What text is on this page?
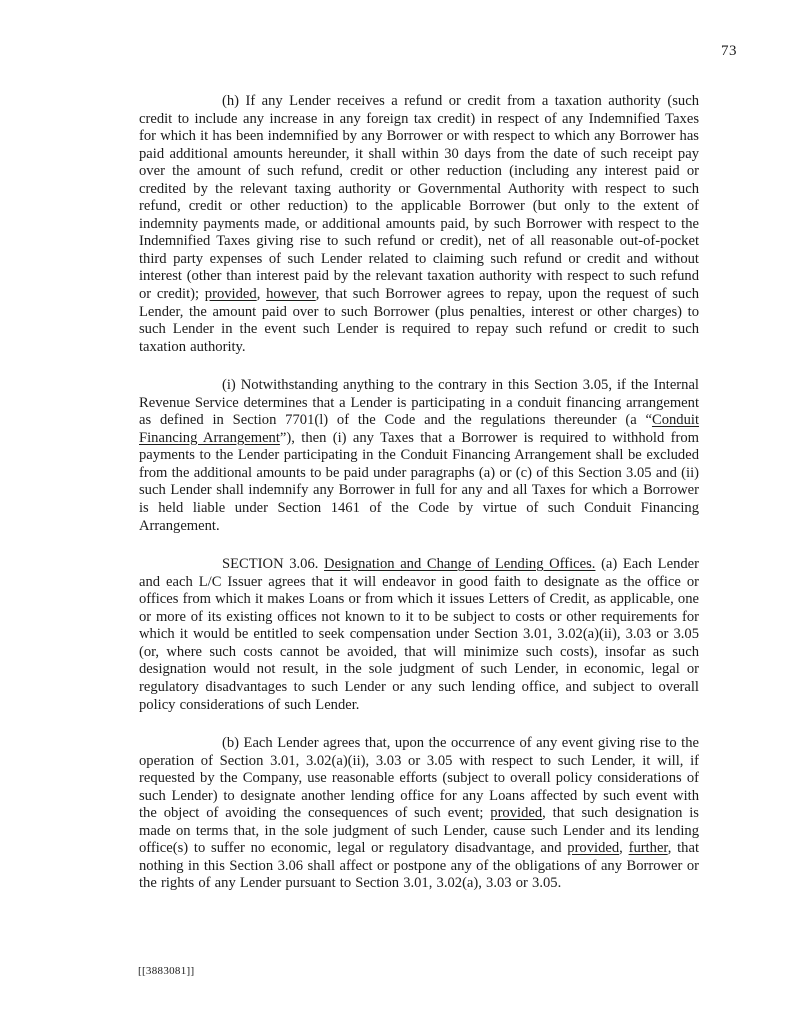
73

(h) If any Lender receives a refund or credit from a taxation authority (such credit to include any increase in any foreign tax credit) in respect of any Indemnified Taxes for which it has been indemnified by any Borrower or with respect to which any Borrower has paid additional amounts hereunder, it shall within 30 days from the date of such receipt pay over the amount of such refund, credit or other reduction (including any interest paid or credited by the relevant taxing authority or Governmental Authority with respect to such refund, credit or other reduction) to the applicable Borrower (but only to the extent of indemnity payments made, or additional amounts paid, by such Borrower with respect to the Indemnified Taxes giving rise to such refund or credit), net of all reasonable out-of-pocket third party expenses of such Lender related to claiming such refund or credit and without interest (other than interest paid by the relevant taxation authority with respect to such refund or credit); provided, however, that such Borrower agrees to repay, upon the request of such Lender, the amount paid over to such Borrower (plus penalties, interest or other charges) to such Lender in the event such Lender is required to repay such refund or credit to such taxation authority.

(i) Notwithstanding anything to the contrary in this Section 3.05, if the Internal Revenue Service determines that a Lender is participating in a conduit financing arrangement as defined in Section 7701(l) of the Code and the regulations thereunder (a “Conduit Financing Arrangement”), then (i) any Taxes that a Borrower is required to withhold from payments to the Lender participating in the Conduit Financing Arrangement shall be excluded from the additional amounts to be paid under paragraphs (a) or (c) of this Section 3.05 and (ii) such Lender shall indemnify any Borrower in full for any and all Taxes for which a Borrower is held liable under Section 1461 of the Code by virtue of such Conduit Financing Arrangement.

SECTION 3.06. Designation and Change of Lending Offices. (a) Each Lender and each L/C Issuer agrees that it will endeavor in good faith to designate as the office or offices from which it makes Loans or from which it issues Letters of Credit, as applicable, one or more of its existing offices not known to it to be subject to costs or other requirements for which it would be entitled to seek compensation under Section 3.01, 3.02(a)(ii), 3.03 or 3.05 (or, where such costs cannot be avoided, that will minimize such costs), insofar as such designation would not result, in the sole judgment of such Lender, in economic, legal or regulatory disadvantages to such Lender or any such lending office, and subject to overall policy considerations of such Lender.

(b) Each Lender agrees that, upon the occurrence of any event giving rise to the operation of Section 3.01, 3.02(a)(ii), 3.03 or 3.05 with respect to such Lender, it will, if requested by the Company, use reasonable efforts (subject to overall policy considerations of such Lender) to designate another lending office for any Loans affected by such event with the object of avoiding the consequences of such event; provided, that such designation is made on terms that, in the sole judgment of such Lender, cause such Lender and its lending office(s) to suffer no economic, legal or regulatory disadvantage, and provided, further, that nothing in this Section 3.06 shall affect or postpone any of the obligations of any Borrower or the rights of any Lender pursuant to Section 3.01, 3.02(a), 3.03 or 3.05.

[[3883081]]
